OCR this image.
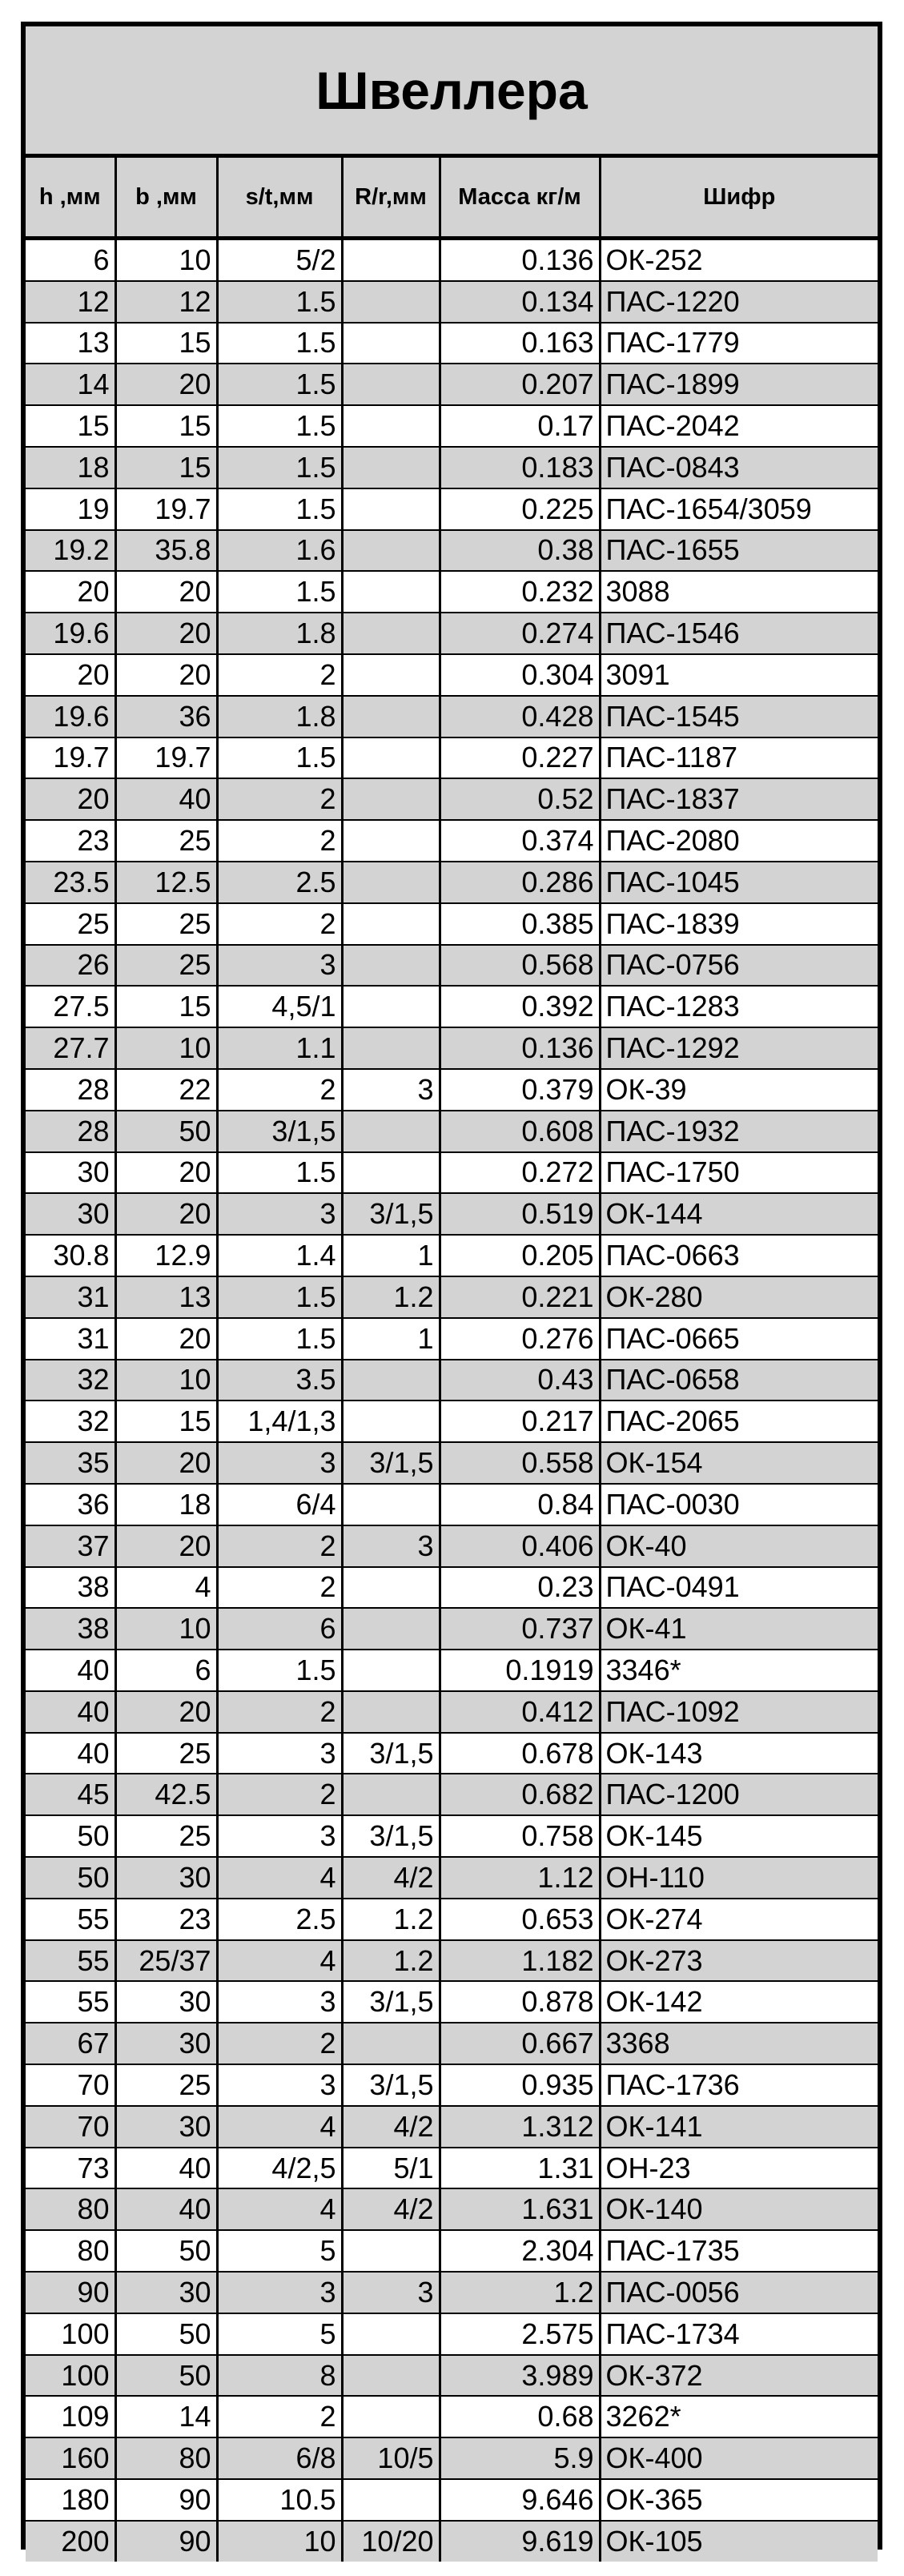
Швеллера
h ,мм	b ,мм	s/t,мм	R/r,мм	Масса кг/м	Шифр
6	10	5/2		0.136	ОК-252
12	12	1.5		0.134	ПАС-1220
13	15	1.5		0.163	ПАС-1779
14	20	1.5		0.207	ПАС-1899
15	15	1.5		0.17	ПАС-2042
18	15	1.5		0.183	ПАС-0843
19	19.7	1.5		0.225	ПАС-1654/3059
19.2	35.8	1.6		0.38	ПАС-1655
20	20	1.5		0.232	3088
19.6	20	1.8		0.274	ПАС-1546
20	20	2		0.304	3091
19.6	36	1.8		0.428	ПАС-1545
19.7	19.7	1.5		0.227	ПАС-1187
20	40	2		0.52	ПАС-1837
23	25	2		0.374	ПАС-2080
23.5	12.5	2.5		0.286	ПАС-1045
25	25	2		0.385	ПАС-1839
26	25	3		0.568	ПАС-0756
27.5	15	4,5/1		0.392	ПАС-1283
27.7	10	1.1		0.136	ПАС-1292
28	22	2	3	0.379	ОК-39
28	50	3/1,5		0.608	ПАС-1932
30	20	1.5		0.272	ПАС-1750
30	20	3	3/1,5	0.519	ОК-144
30.8	12.9	1.4	1	0.205	ПАС-0663
31	13	1.5	1.2	0.221	ОК-280
31	20	1.5	1	0.276	ПАС-0665
32	10	3.5		0.43	ПАС-0658
32	15	1,4/1,3		0.217	ПАС-2065
35	20	3	3/1,5	0.558	ОК-154
36	18	6/4		0.84	ПАС-0030
37	20	2	3	0.406	ОК-40
38	4	2		0.23	ПАС-0491
38	10	6		0.737	ОК-41
40	6	1.5		0.1919	3346*
40	20	2		0.412	ПАС-1092
40	25	3	3/1,5	0.678	ОК-143
45	42.5	2		0.682	ПАС-1200
50	25	3	3/1,5	0.758	ОК-145
50	30	4	4/2	1.12	ОН-110
55	23	2.5	1.2	0.653	ОК-274
55	25/37	4	1.2	1.182	ОК-273
55	30	3	3/1,5	0.878	ОК-142
67	30	2		0.667	3368
70	25	3	3/1,5	0.935	ПАС-1736
70	30	4	4/2	1.312	ОК-141
73	40	4/2,5	5/1	1.31	ОН-23
80	40	4	4/2	1.631	ОК-140
80	50	5		2.304	ПАС-1735
90	30	3	3	1.2	ПАС-0056
100	50	5		2.575	ПАС-1734
100	50	8		3.989	ОК-372
109	14	2		0.68	3262*
160	80	6/8	10/5	5.9	ОК-400
180	90	10.5		9.646	ОК-365
200	90	10	10/20	9.619	ОК-105
